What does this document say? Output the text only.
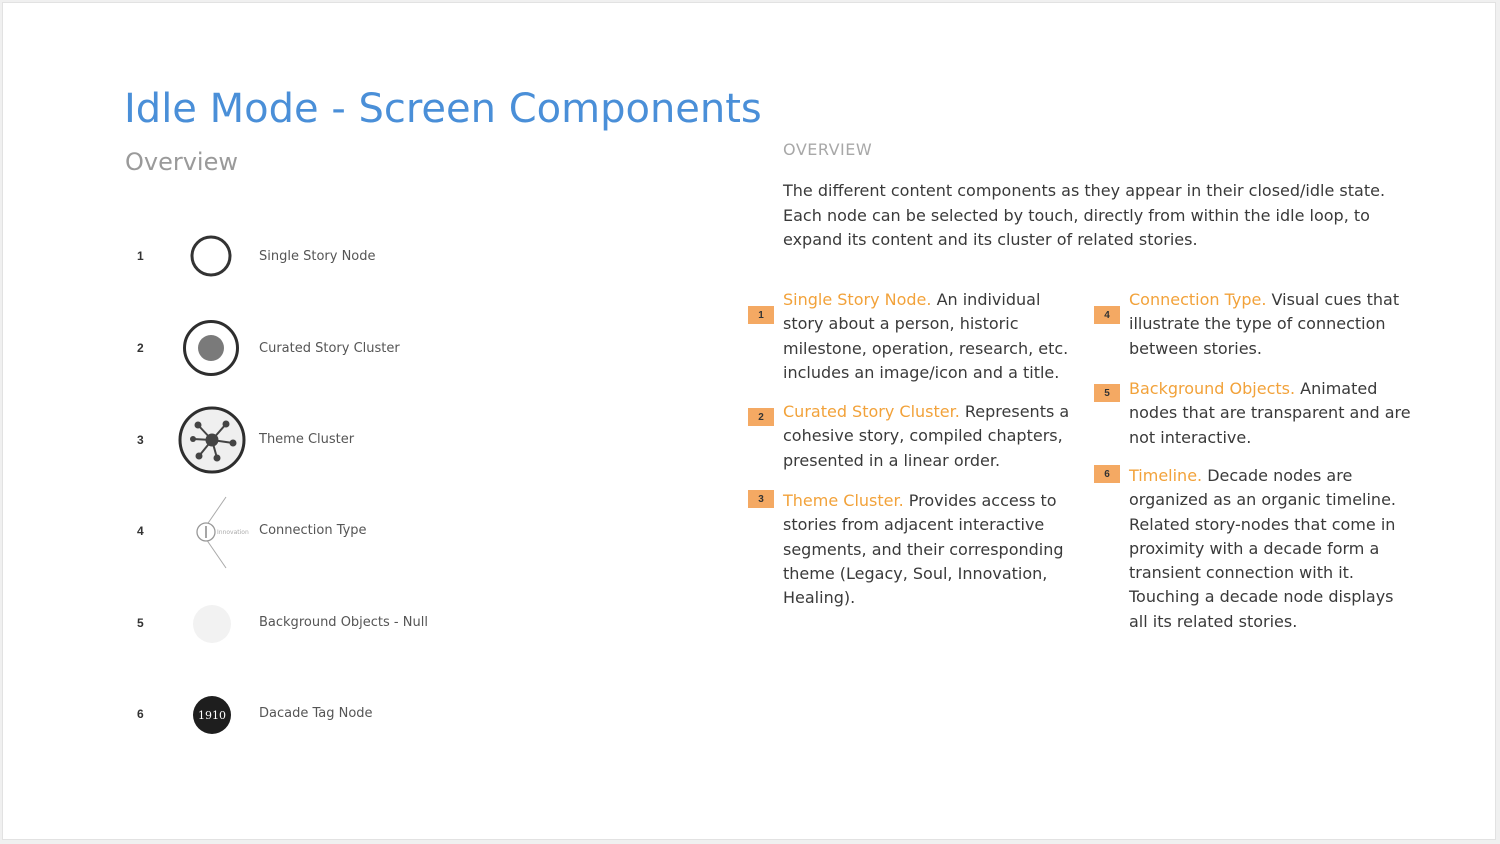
Idle Mode - Screen Components
Overview
1	Single Story Node
2	Curated Story Cluster
3	Theme Cluster
4	Innovation Connection Type
5	Background Objects - Null
6	1910	Dacade Tag Node
OVERVIEW
The different content components as they appear in their closed/idle state. Each node can be selected by touch, directly from within the idle loop, to expand its content and its cluster of related stories.
1
Single Story Node. An individual story about a person, historic milestone, operation, research, etc. includes an image/icon and a title.
2	Curated Story Cluster. Represents a cohesive story, compiled chapters, presented in a linear order.
3	Theme Cluster. Provides access to stories from adjacent interactive segments, and their corresponding theme (Legacy, Soul, Innovation, Healing).
4
Connection Type. Visual cues that illustrate the type of connection between stories.
5	Background Objects. Animated nodes that are transparent and are not interactive.
6	Timeline. Decade nodes are organized as an organic timeline. Related story-nodes that come in proximity with a decade form a transient connection with it. Touching a decade node displays all its related stories.
